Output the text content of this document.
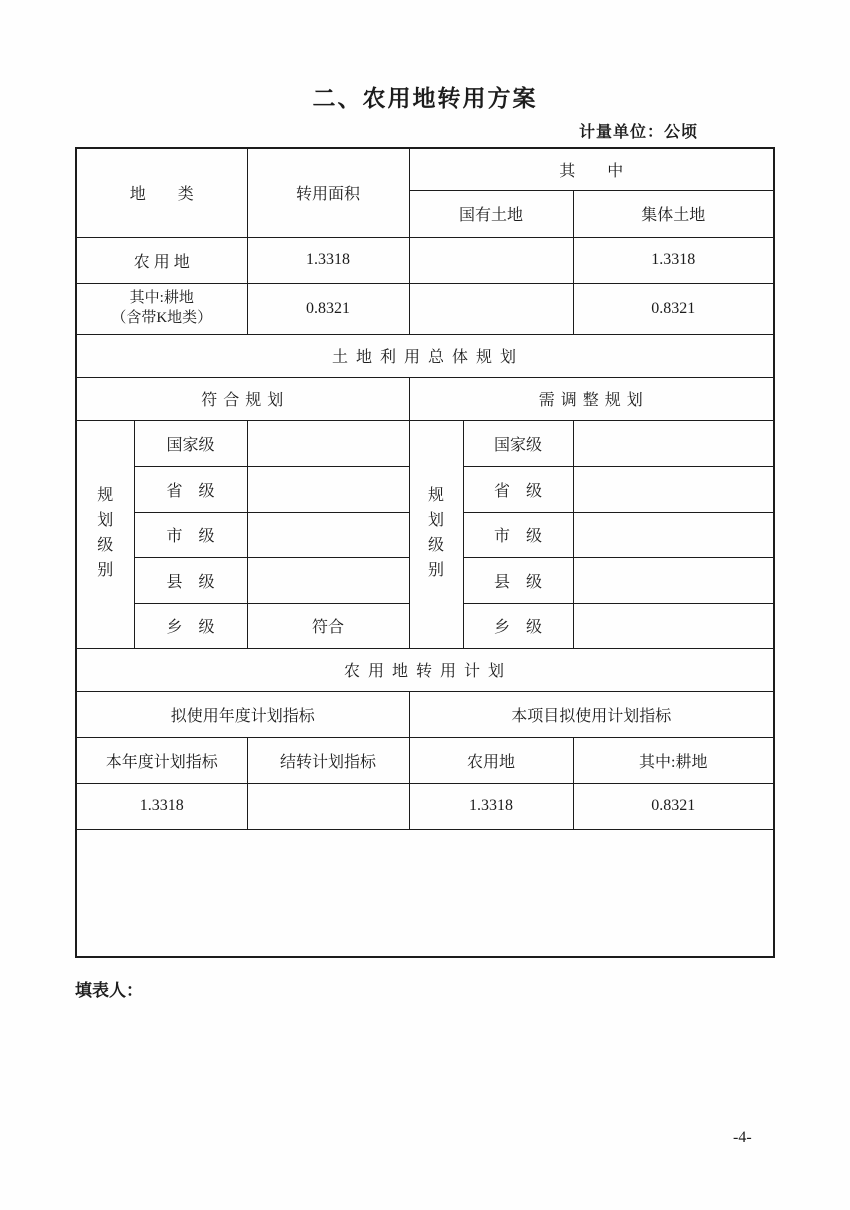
二、农用地转用方案
计量单位：公顷
地　　类		转用面积	其　　中		
			国有土地		集体土地
农 用 地		1.3318			1.3318

其中:耕地
（含带K地类）		0.8321			0.8321
土 地 利 用 总 体 规 划					
符 合 规 划			需 调 整 规 划		

规划级别	国家级		规划级别	国家级	
	省　级			省　级	
	市　级			市　级	
	县　级			县　级	
	乡　级	符合		乡　级	
农 用 地 转 用 计 划					
拟使用年度计划指标			本项目拟使用计划指标		
本年度计划指标		结转计划指标	农用地		其中:耕地
1.3318			1.3318		0.8321

填表人：
-4-
